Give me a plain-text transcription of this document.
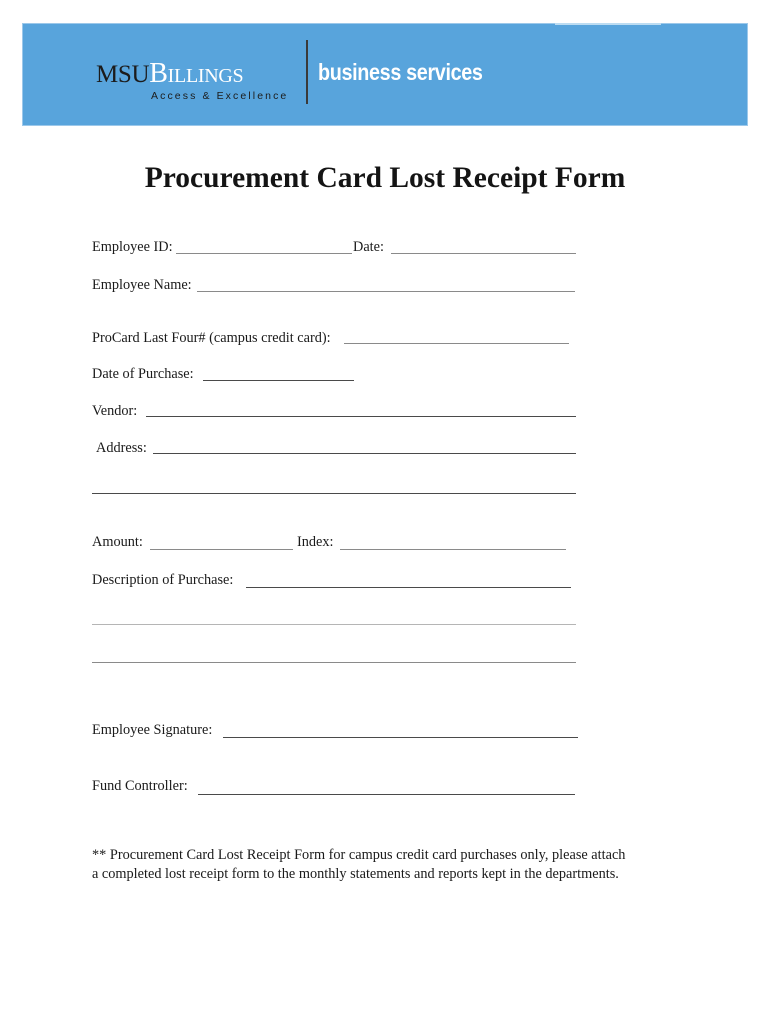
MSUBillings
Access & Excellence
business services
Procurement Card Lost Receipt Form
Employee ID:	Date:
Employee Name:
ProCard Last Four# (campus credit card):
Date of Purchase:
Vendor:
Address:
Amount:	Index:
Description of Purchase:
Employee Signature:
Fund Controller:
** Procurement Card Lost Receipt Form for campus credit card purchases only, please attach a completed lost receipt form to the monthly statements and reports kept in the departments.
